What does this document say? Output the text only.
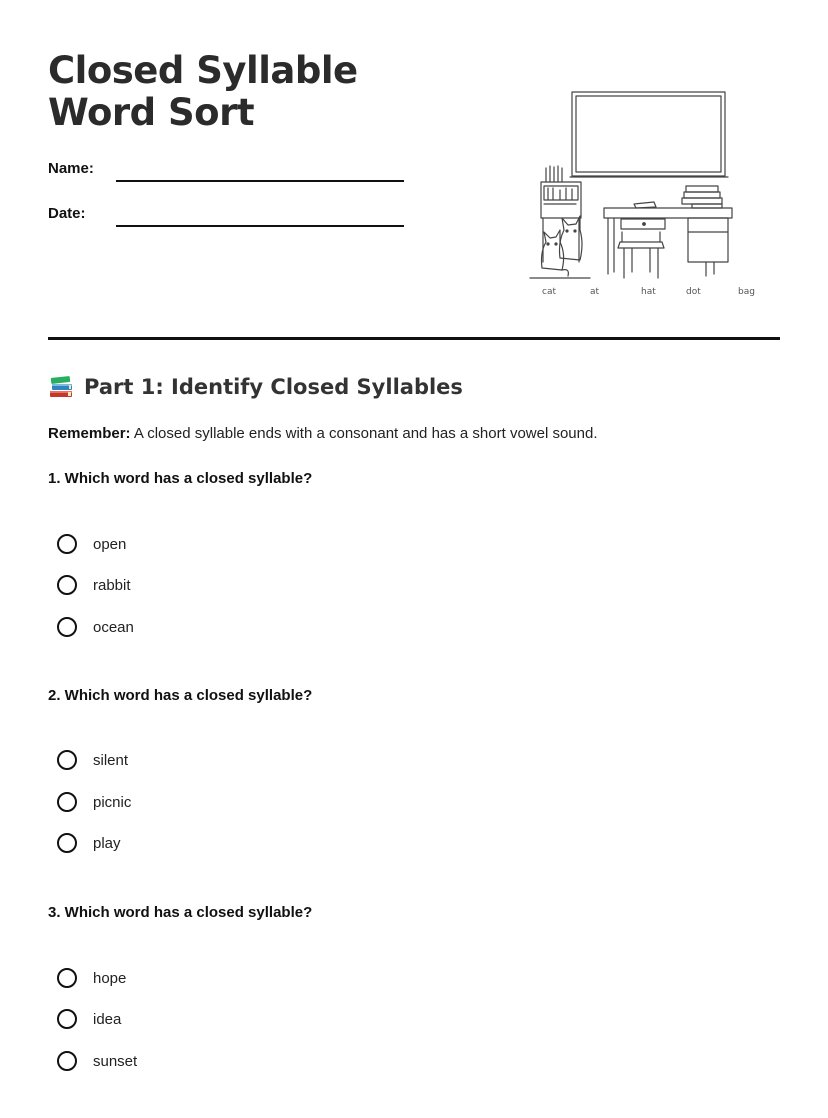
Closed Syllable Word Sort
Name:
Date:
cat	at	hat	dot	bag
Part 1: Identify Closed Syllables
Remember: A closed syllable ends with a consonant and has a short vowel sound.
1. Which word has a closed syllable?
open
rabbit
ocean
2. Which word has a closed syllable?
silent
picnic
play
3. Which word has a closed syllable?
hope
idea
sunset
